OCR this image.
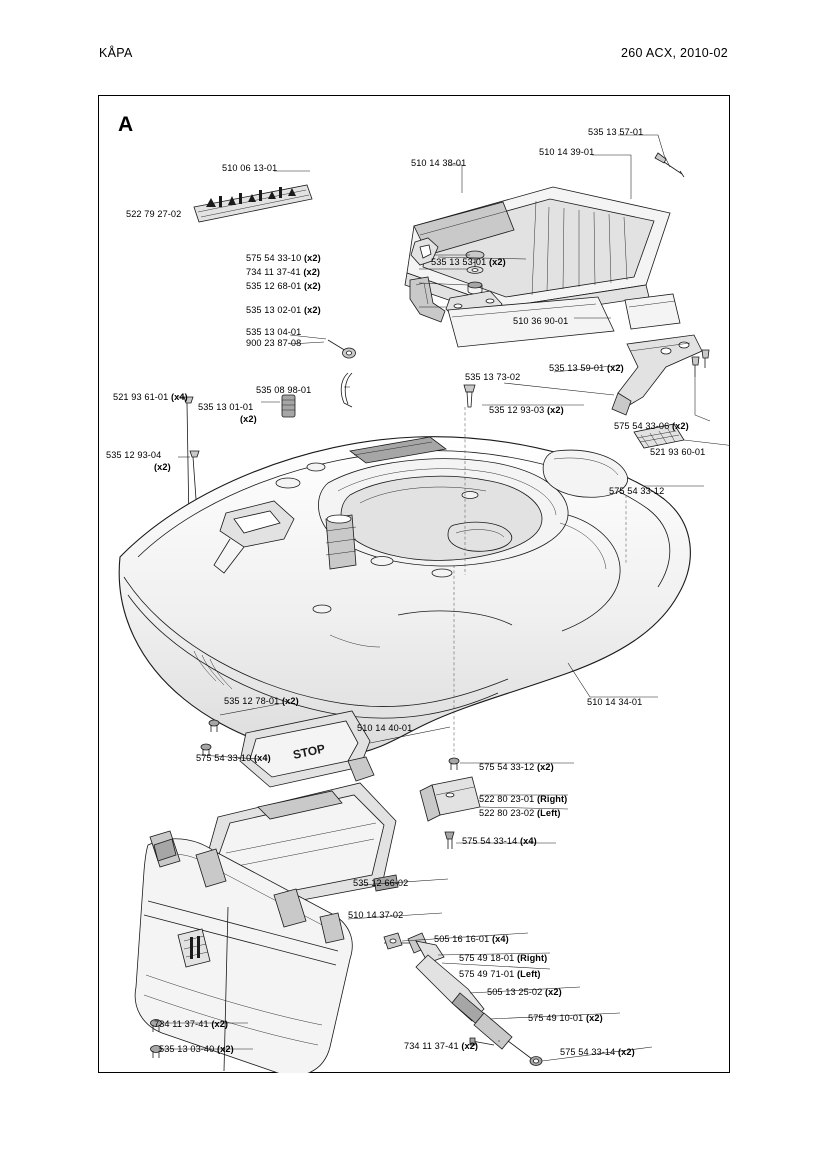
KÅPA	260 ACX, 2010-02
A
STOP
535 13 57-01
510 14 39-01
510 14 38-01
510 06 13-01
522 79 27-02
575 54 33-10 (x2)
734 11 37-41 (x2)
535 12 68-01 (x2)
535 13 53-01 (x2)
535 13 02-01 (x2)
510 36 90-01
535 13 04-01
900 23 87-08
535 13 59-01 (x2)
535 13 73-02
535 08 98-01
521 93 61-01 (x4)
535 13 01-01
(x2)
535 12 93-03 (x2)
575 54 33-06 (x2)
535 12 93-04
(x2)
521 93 60-01
575 54 33-12
510 14 34-01
535 12 78-01 (x2)
510 14 40-01
575 54 33-10 (x4)
575 54 33-12 (x2)
522 80 23-01 (Right)
522 80 23-02 (Left)
575 54 33-14 (x4)
535 12 66-02
510 14 37-02
505 16 16-01 (x4)
575 49 18-01 (Right)
575 49 71-01 (Left)
505 13 25-02 (x2)
575 49 10-01 (x2)
734 11 37-41 (x2)
734 11 37-41 (x2)
575 54 33-14 (x2)
535 13 03-40 (x2)
